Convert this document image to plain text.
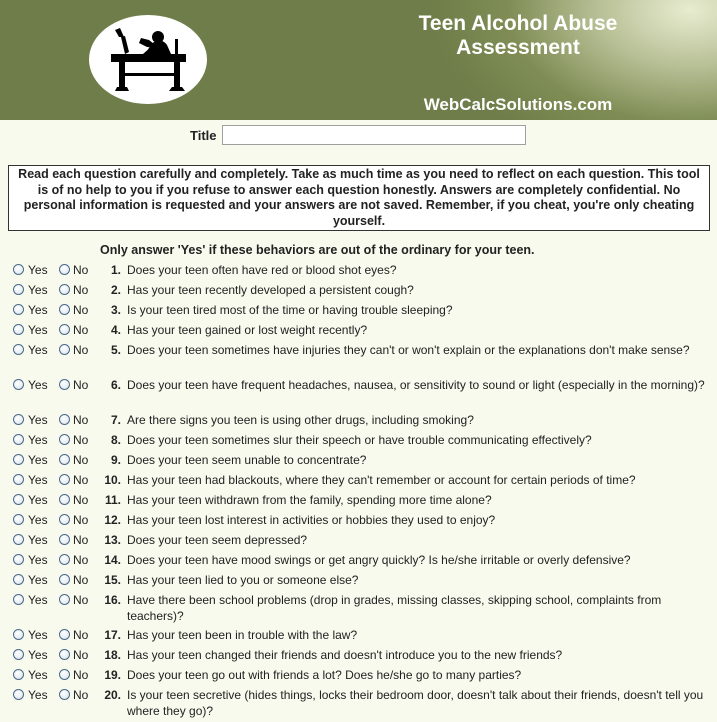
Teen Alcohol Abuse
Assessment
WebCalcSolutions.com
Title
Read each question carefully and completely. Take as much time as you need to reflect on each question. This tool is of no help to you if you refuse to answer each question honestly. Answers are completely confidential. No personal information is requested and your answers are not saved. Remember, if you cheat, you're only cheating yourself.
Only answer 'Yes' if these behaviors are out of the ordinary for your teen.
Yes No	1. Does your teen often have red or blood shot eyes?
Yes No	2. Has your teen recently developed a persistent cough?
Yes No	3. Is your teen tired most of the time or having trouble sleeping?
Yes No	4. Has your teen gained or lost weight recently?
Yes No	5. Does your teen sometimes have injuries they can't or won't explain or the explanations don't make sense?
Yes No	6. Does your teen have frequent headaches, nausea, or sensitivity to sound or light (especially in the morning)?
Yes No	7. Are there signs you teen is using other drugs, including smoking?
Yes No	8. Does your teen sometimes slur their speech or have trouble communicating effectively?
Yes No	9. Does your teen seem unable to concentrate?
Yes No	10. Has your teen had blackouts, where they can't remember or account for certain periods of time?
Yes No	11. Has your teen withdrawn from the family, spending more time alone?
Yes No	12. Has your teen lost interest in activities or hobbies they used to enjoy?
Yes No	13. Does your teen seem depressed?
Yes No	14. Does your teen have mood swings or get angry quickly? Is he/she irritable or overly defensive?
Yes No	15. Has your teen lied to you or someone else?
Yes No	16. Have there been school problems (drop in grades, missing classes, skipping school, complaints from teachers)?
Yes No	17. Has your teen been in trouble with the law?
Yes No	18. Has your teen changed their friends and doesn't introduce you to the new friends?
Yes No	19. Does your teen go out with friends a lot? Does he/she go to many parties?
Yes No	20. Is your teen secretive (hides things, locks their bedroom door, doesn't talk about their friends, doesn't tell you where they go)?
